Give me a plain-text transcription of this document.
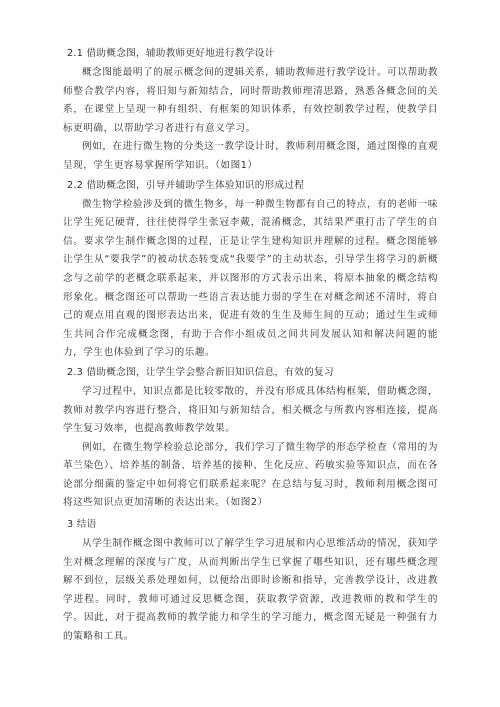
2.1 借助概念图，辅助教师更好地进行教学设计

概念图能最明了的展示概念间的逻辑关系，辅助教师进行教学设计。可以帮助教师整合教学内容，将旧知与新知结合，同时帮助教师理清思路，熟悉各概念间的关系，在课堂上呈现一种有组织、有框架的知识体系，有效控制教学过程，使教学目标更明确，以帮助学习者进行有意义学习。

例如，在进行微生物的分类这一教学设计时，教师利用概念图，通过图像的直观呈现，学生更容易掌握所学知识。（如图1）

2.2 借助概念图，引导并辅助学生体验知识的形成过程

微生物学检验涉及到的微生物多，每一种微生物都有自己的特点，有的老师一味让学生死记硬背，往往使得学生张冠李戴，混淆概念，其结果严重打击了学生的自信。要求学生制作概念图的过程，正是让学生建构知识并理解的过程。概念图能够让学生从“要我学”的被动状态转变成“我要学”的主动状态，引导学生将学习的新概念与之前学的老概念联系起来，并以图形的方式表示出来，将原本抽象的概念结构形象化。概念图还可以帮助一些语言表达能力弱的学生在对概念阐述不清时，将自己的观点用直观的图形表达出来，促进有效的生生及师生间的互动；通过生生或师生共同合作完成概念图，有助于合作小组成员之间共同发展认知和解决问题的能力，学生也体验到了学习的乐趣。

2.3 借助概念图，让学生学会整合新旧知识信息，有效的复习

学习过程中，知识点都是比较零散的，并没有形成具体结构框架，借助概念图，教师对教学内容进行整合，将旧知与新知结合，相关概念与所教内容相连接，提高学生复习效率，也提高教师教学效果。

例如，在微生物学检验总论部分，我们学习了微生物学的形态学检查（常用的为革兰染色）、培养基的制备、培养基的接种、生化反应、药敏实验等知识点，而在各论部分细菌的鉴定中如何将它们联系起来呢？在总结与复习时，教师利用概念图可将这些知识点更加清晰的表达出来。（如图2）

3 结语

从学生制作概念图中教师可以了解学生学习进展和内心思维活动的情况，获知学生对概念理解的深度与广度，从而判断出学生已掌握了哪些知识，还有哪些概念理解不到位，层级关系处理如何，以便给出即时诊断和指导，完善教学设计，改进教学进程。同时，教师可通过反思概念图，获取教学资源，改进教师的教和学生的学。因此，对于提高教师的教学能力和学生的学习能力，概念图无疑是一种强有力的策略和工具。
